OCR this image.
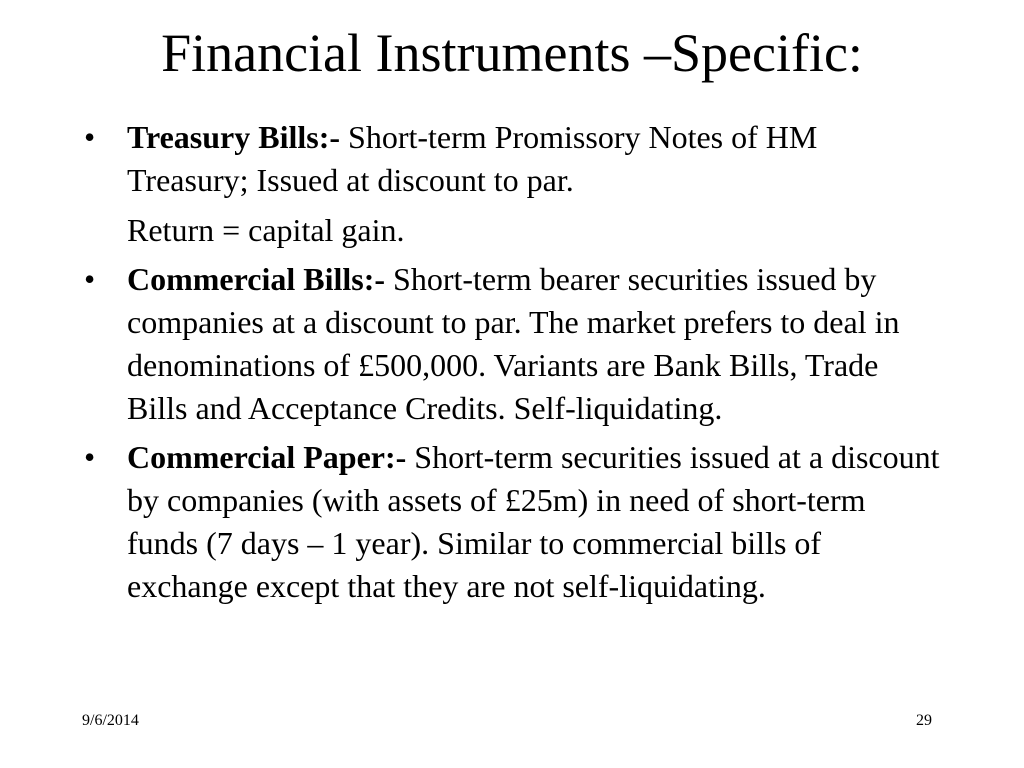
Financial Instruments –Specific:
• Treasury Bills:- Short-term Promissory Notes of HM Treasury; Issued at discount to par.
Return = capital gain.
• Commercial Bills:- Short-term bearer securities issued by companies at a discount to par. The market prefers to deal in denominations of £500,000. Variants are Bank Bills, Trade Bills and Acceptance Credits. Self-liquidating.
• Commercial Paper:- Short-term securities issued at a discount by companies (with assets of £25m) in need of short-term funds (7 days – 1 year). Similar to commercial bills of exchange except that they are not self-liquidating.
9/6/2014	29
